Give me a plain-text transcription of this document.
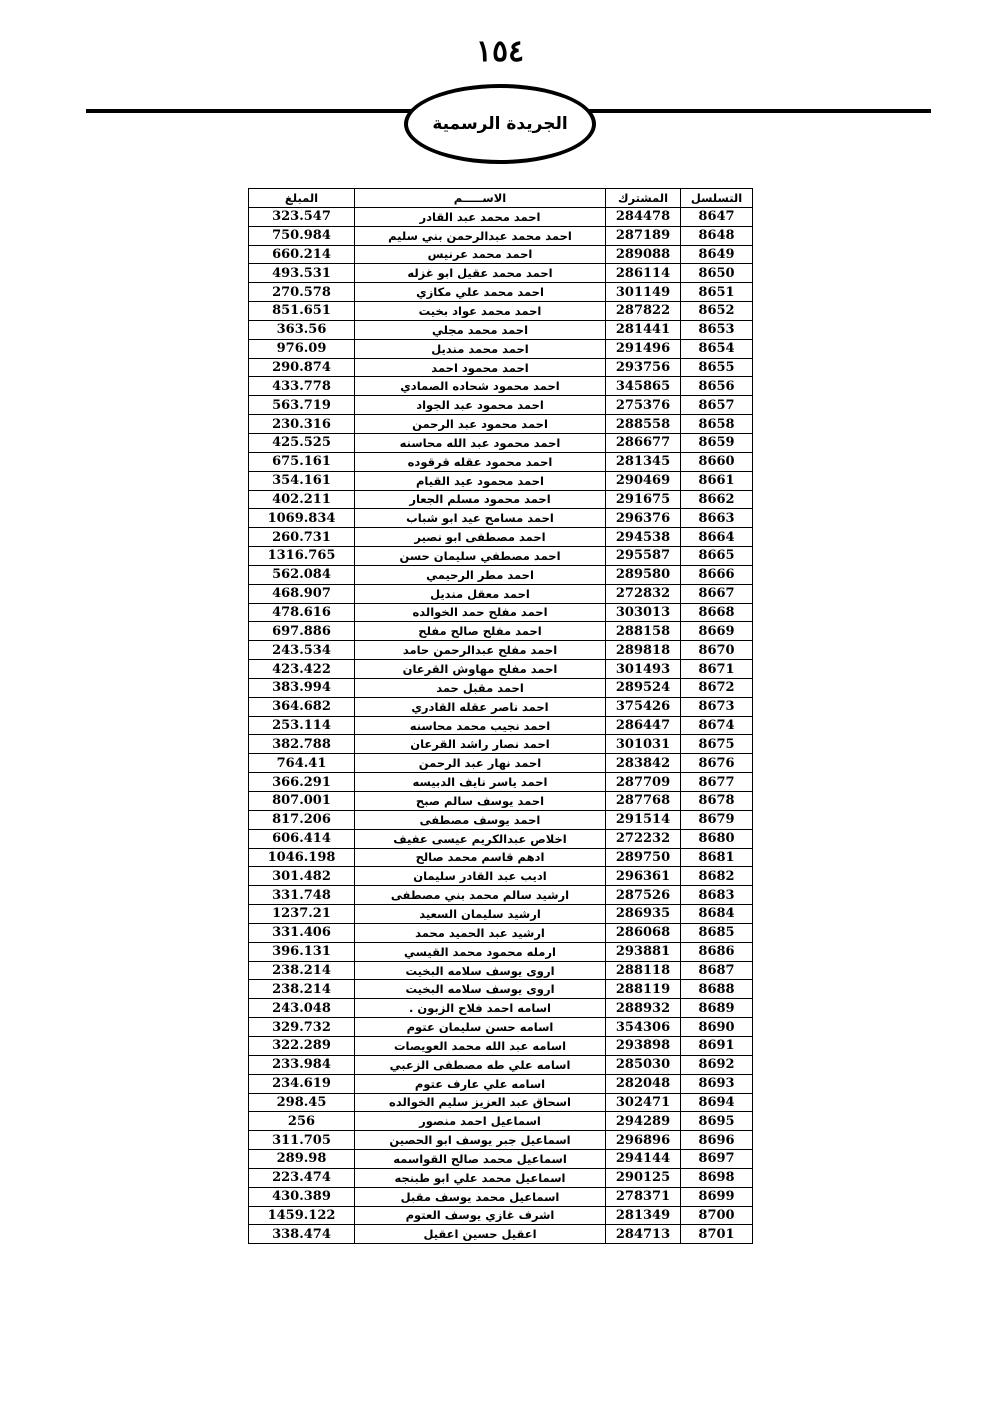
١٥٤
الجريدة الرسمية
التسلسل	المشترك	الاســـــم	المبلغ
8647	284478	احمد محمد عبد القادر	323.547
8648	287189	احمد محمد عبدالرحمن بني سليم	750.984
8649	289088	احمد محمد عرنيس	660.214
8650	286114	احمد محمد عقيل ابو غزله	493.531
8651	301149	احمد محمد علي مكازي	270.578
8652	287822	احمد محمد عواد بخيت	851.651
8653	281441	احمد محمد مجلي	363.56
8654	291496	احمد محمد منديل	976.09
8655	293756	احمد محمود احمد	290.874
8656	345865	احمد محمود شحاده الصمادي	433.778
8657	275376	احمد محمود عبد الجواد	563.719
8658	288558	احمد محمود عبد الرحمن	230.316
8659	286677	احمد محمود عبد الله محاسنه	425.525
8660	281345	احمد محمود عقله قرقوده	675.161
8661	290469	احمد محمود عيد القيام	354.161
8662	291675	احمد محمود مسلم الجعار	402.211
8663	296376	احمد مسامح عيد ابو شباب	1069.834
8664	294538	احمد مصطفى ابو نصير	260.731
8665	295587	احمد مصطفي سليمان حسن	1316.765
8666	289580	احمد مطر الرحيمي	562.084
8667	272832	احمد معقل منديل	468.907
8668	303013	احمد مفلح حمد الخوالده	478.616
8669	288158	احمد مفلح صالح مفلح	697.886
8670	289818	احمد مفلح عبدالرحمن حامد	243.534
8671	301493	احمد مفلح مهاوش القرعان	423.422
8672	289524	احمد مقبل حمد	383.994
8673	375426	احمد ناصر عقله القادري	364.682
8674	286447	احمد نجيب محمد محاسنه	253.114
8675	301031	احمد نصار راشد القرعان	382.788
8676	283842	احمد نهار عبد الرحمن	764.41
8677	287709	احمد ياسر نايف الدبيسه	366.291
8678	287768	احمد يوسف سالم صبح	807.001
8679	291514	احمد يوسف مصطفى	817.206
8680	272232	اخلاص عبدالكريم عيسى عفيف	606.414
8681	289750	ادهم قاسم محمد صالح	1046.198
8682	296361	اديب عبد القادر سليمان	301.482
8683	287526	ارشيد سالم محمد بني مصطفى	331.748
8684	286935	ارشيد سليمان السعيد	1237.21
8685	286068	ارشيد عبد الحميد محمد	331.406
8686	293881	ارمله محمود محمد القيسي	396.131
8687	288118	اروى يوسف سلامه البخيت	238.214
8688	288119	اروى يوسف سلامه البخيت	238.214
8689	288932	اسامه احمد فلاح الزبون .	243.048
8690	354306	اسامه حسن سليمان عتوم	329.732
8691	293898	اسامه عبد الله محمد العويصات	322.289
8692	285030	اسامه علي طه مصطفى الزعبي	233.984
8693	282048	اسامه علي عارف عتوم	234.619
8694	302471	اسحاق عبد العزيز سليم الخوالده	298.45
8695	294289	اسماعيل احمد منصور	256
8696	296896	اسماعيل جبر يوسف ابو الحصين	311.705
8697	294144	اسماعيل محمد صالح القواسمه	289.98
8698	290125	اسماعيل محمد علي ابو طبنجه	223.474
8699	278371	اسماعيل محمد يوسف مقبل	430.389
8700	281349	اشرف غازي يوسف العتوم	1459.122
8701	284713	اعقيل حسين اعقيل	338.474
